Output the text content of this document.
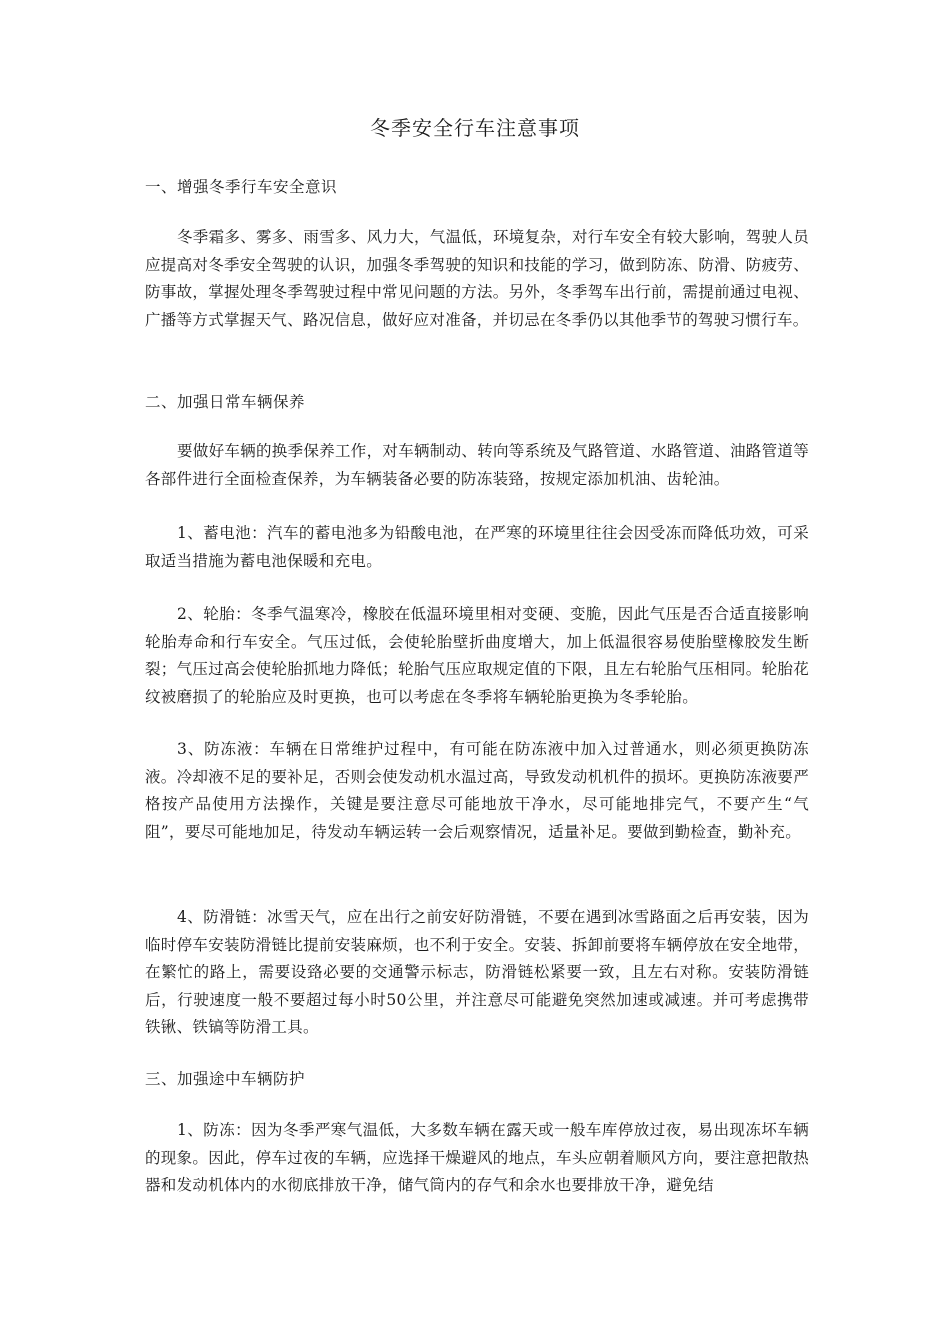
冬季安全行车注意事项
一、增强冬季行车安全意识
冬季霜多、雾多、雨雪多、风力大，气温低，环境复杂，对行车安全有较大影响，驾驶人员应提高对冬季安全驾驶的认识，加强冬季驾驶的知识和技能的学习，做到防冻、防滑、防疲劳、防事故，掌握处理冬季驾驶过程中常见问题的方法。另外，冬季驾车出行前，需提前通过电视、广播等方式掌握天气、路况信息，做好应对准备，并切忌在冬季仍以其他季节的驾驶习惯行车。
二、加强日常车辆保养
要做好车辆的换季保养工作，对车辆制动、转向等系统及气路管道、水路管道、油路管道等各部件进行全面检查保养，为车辆装备必要的防冻装臵，按规定添加机油、齿轮油。
1、蓄电池：汽车的蓄电池多为铅酸电池，在严寒的环境里往往会因受冻而降低功效，可采取适当措施为蓄电池保暖和充电。
2、轮胎：冬季气温寒冷，橡胶在低温环境里相对变硬、变脆，因此气压是否合适直接影响轮胎寿命和行车安全。气压过低，会使轮胎壁折曲度增大，加上低温很容易使胎壁橡胶发生断裂；气压过高会使轮胎抓地力降低；轮胎气压应取规定值的下限，且左右轮胎气压相同。轮胎花纹被磨损了的轮胎应及时更换，也可以考虑在冬季将车辆轮胎更换为冬季轮胎。
3、防冻液：车辆在日常维护过程中，有可能在防冻液中加入过普通水，则必须更换防冻液。冷却液不足的要补足，否则会使发动机水温过高，导致发动机机件的损坏。更换防冻液要严格按产品使用方法操作，关键是要注意尽可能地放干净水，尽可能地排完气，不要产生“气阻”，要尽可能地加足，待发动车辆运转一会后观察情况，适量补足。要做到勤检查，勤补充。
4、防滑链：冰雪天气，应在出行之前安好防滑链，不要在遇到冰雪路面之后再安装，因为临时停车安装防滑链比提前安装麻烦，也不利于安全。安装、拆卸前要将车辆停放在安全地带，在繁忙的路上，需要设臵必要的交通警示标志，防滑链松紧要一致，且左右对称。安装防滑链后，行驶速度一般不要超过每小时50公里，并注意尽可能避免突然加速或减速。并可考虑携带铁锹、铁镐等防滑工具。
三、加强途中车辆防护
1、防冻：因为冬季严寒气温低，大多数车辆在露天或一般车库停放过夜，易出现冻坏车辆的现象。因此，停车过夜的车辆，应选择干燥避风的地点，车头应朝着顺风方向，要注意把散热器和发动机体内的水彻底排放干净，储气筒内的存气和余水也要排放干净，避免结
